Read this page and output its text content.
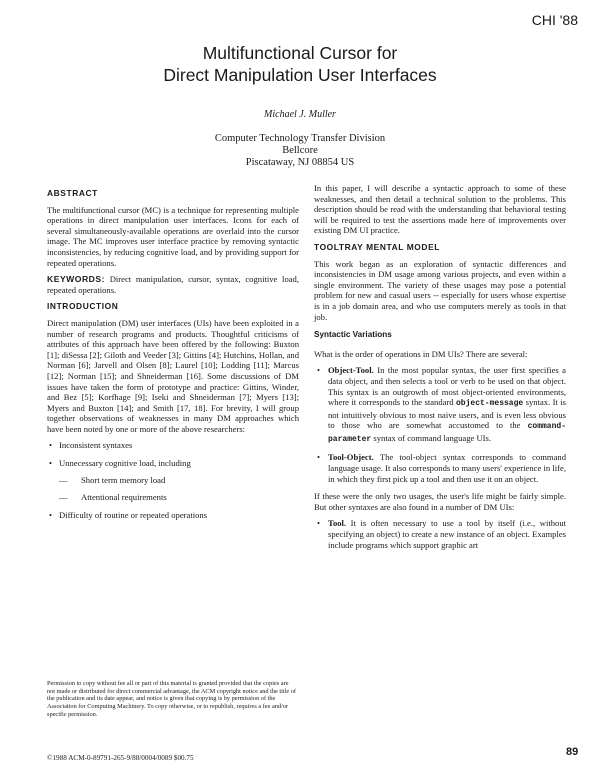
CHI '88
Multifunctional Cursor for
Direct Manipulation User Interfaces
Michael J. Muller
Computer Technology Transfer Division
Bellcore
Piscataway, NJ 08854 US
ABSTRACT

The multifunctional cursor (MC) is a technique for representing multiple operations in direct manipulation user interfaces. Icons for each of several simultaneously-available operations are overlaid into the cursor image. The MC improves user interface practice by removing syntactic inconsistencies, by reducing cognitive load, and by providing support for repeated operations.

KEYWORDS: Direct manipulation, cursor, syntax, cognitive load, repeated operations.

INTRODUCTION

Direct manipulation (DM) user interfaces (UIs) have been exploited in a number of research programs and products. Thoughtful criticisms of attributes of this approach have been offered by the following: Buxton [1]; diSessa [2]; Giloth and Veeder [3]; Gittins [4]; Hutchins, Hollan, and Norman [6]; Jarvell and Olsen [8]; Laurel [10]; Lodding [11]; Marcus [12]; Norman [15]; and Shneiderman [16]. Some discussions of DM issues have taken the form of prototype and practice: Gittins, Winder, and Bez [5]; Korfhage [9]; Iseki and Shneiderman [7]; Myers [13]; Myers and Buxton [14]; and Smith [17, 18]. For brevity, I will group together observations of weaknesses in many DM approaches which have been noted by one or more of the above researchers:

• Inconsistent syntaxes
• Unnecessary cognitive load, including
— Short term memory load
— Attentional requirements
• Difficulty of routine or repeated operations
Permission to copy without fee all or part of this material is granted provided that the copies are not made or distributed for direct commercial advantage, the ACM copyright notice and the title of the publication and its date appear, and notice is given that copying is by permission of the Association for Computing Machinery. To copy otherwise, or to republish, requires a fee and/or specific permission.
©1988 ACM-0-89791-265-9/88/0004/0089 $00.75

In this paper, I will describe a syntactic approach to some of these weaknesses, and then detail a technical solution to the problems. This description should be read with the understanding that behavioral testing will be required to test the assertions made here of improvements over existing DM UI practice.

TOOLTRAY MENTAL MODEL

This work began as an exploration of syntactic differences and inconsistencies in DM usage among various projects, and even within a single environment. The variety of these usages may pose a potential problem for new and casual users -- especially for users whose expertise is in a job domain area, and who use computers merely as tools in that job.

Syntactic Variations

What is the order of operations in DM UIs? There are several:

• Object-Tool. In the most popular syntax, the user first specifies a data object, and then selects a tool or verb to be used on that object. This syntax is an outgrowth of most object-oriented environments, where it corresponds to the standard object-message syntax. It is not intuitively obvious to most naive users, and is even less obvious to those who are somewhat accustomed to the command-parameter syntax of command language UIs.
• Tool-Object. The tool-object syntax corresponds to command language usage. It also corresponds to many users' experience in life, in which they first pick up a tool and then use it on an object.

If these were the only two usages, the user's life might be fairly simple. But other syntaxes are also found in a number of DM UIs:

• Tool. It is often necessary to use a tool by itself (i.e., without specifying an object) to create a new instance of an object. Examples include programs which support graphic art
89
